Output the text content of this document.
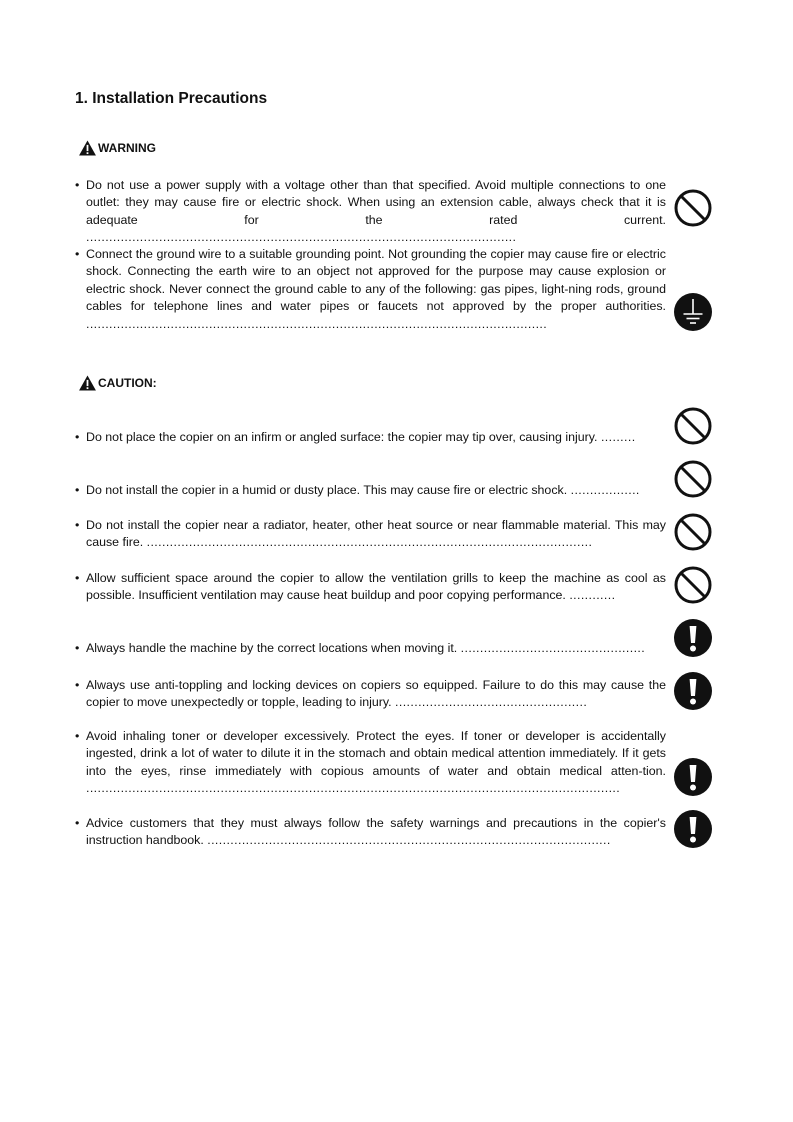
1. Installation Precautions
WARNING
• Do not use a power supply with a voltage other than that specified. Avoid multiple connections to one outlet: they may cause fire or electric shock. When using an extension cable, always check that it is adequate for the rated current. ................................................................................................................
• Connect the ground wire to a suitable grounding point. Not grounding the copier may cause fire or electric shock. Connecting the earth wire to an object not approved for the purpose may cause explosion or electric shock. Never connect the ground cable to any of the following: gas pipes, light-ning rods, ground cables for telephone lines and water pipes or faucets not approved by the proper authorities. ........................................................................................................................
CAUTION:
• Do not place the copier on an infirm or angled surface: the copier may tip over, causing injury. .........
• Do not install the copier in a humid or dusty place. This may cause fire or electric shock. ..................
• Do not install the copier near a radiator, heater, other heat source or near flammable material. This may cause fire. ....................................................................................................................
• Allow sufficient space around the copier to allow the ventilation grills to keep the machine as cool as possible. Insufficient ventilation may cause heat buildup and poor copying performance. ............
• Always handle the machine by the correct locations when moving it. ................................................
• Always use anti-toppling and locking devices on copiers so equipped. Failure to do this may cause the copier to move unexpectedly or topple, leading to injury. ..................................................
• Avoid inhaling toner or developer excessively. Protect the eyes. If toner or developer is accidentally ingested, drink a lot of water to dilute it in the stomach and obtain medical attention immediately. If it gets into the eyes, rinse immediately with copious amounts of water and obtain medical atten-tion. ...........................................................................................................................................
• Advice customers that they must always follow the safety warnings and precautions in the copier's instruction handbook. .........................................................................................................
